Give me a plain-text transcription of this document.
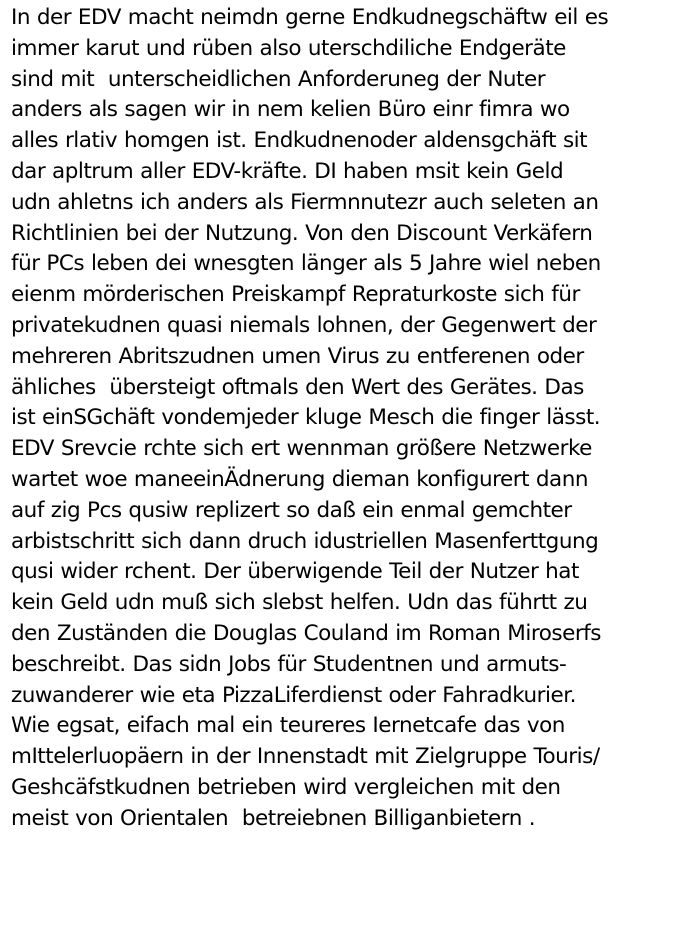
In der EDV macht neimdn gerne Endkudnegschäftw eil es
immer karut und rüben also uterschdiliche Endgeräte
sind mit  unterscheidlichen Anforderuneg der Nuter
anders als sagen wir in nem kelien Büro einr fimra wo
alles rlativ homgen ist. Endkudnenoder aldensgchäft sit
dar apltrum aller EDV-kräfte. DI haben msit kein Geld
udn ahletns ich anders als Fiermnnutezr auch seleten an
Richtlinien bei der Nutzung. Von den Discount Verkäfern
für PCs leben dei wnesgten länger als 5 Jahre wiel neben
eienm mörderischen Preiskampf Repraturkoste sich für
privatekudnen quasi niemals lohnen, der Gegenwert der
mehreren Abritszudnen umen Virus zu entferenen oder
ähliches  übersteigt oftmals den Wert des Gerätes. Das
ist einSGchäft vondemjeder kluge Mesch die finger lässt.
EDV Srevcie rchte sich ert wennman größere Netzwerke
wartet woe maneeinÄdnerung dieman konfigurert dann
auf zig Pcs qusiw replizert so daß ein enmal gemchter
arbistschritt sich dann druch idustriellen Masenferttgung
qusi wider rchent. Der überwigende Teil der Nutzer hat
kein Geld udn muß sich slebst helfen. Udn das führtt zu
den Zuständen die Douglas Couland im Roman Miroserfs
beschreibt. Das sidn Jobs für Studentnen und armuts-
zuwanderer wie eta PizzaLiferdienst oder Fahradkurier.
Wie egsat, eifach mal ein teureres Iernetcafe das von
mIttelerluopäern in der Innenstadt mit Zielgruppe Touris/
Geshcäfstkudnen betrieben wird vergleichen mit den
meist von Orientalen  betreiebnen Billiganbietern .
